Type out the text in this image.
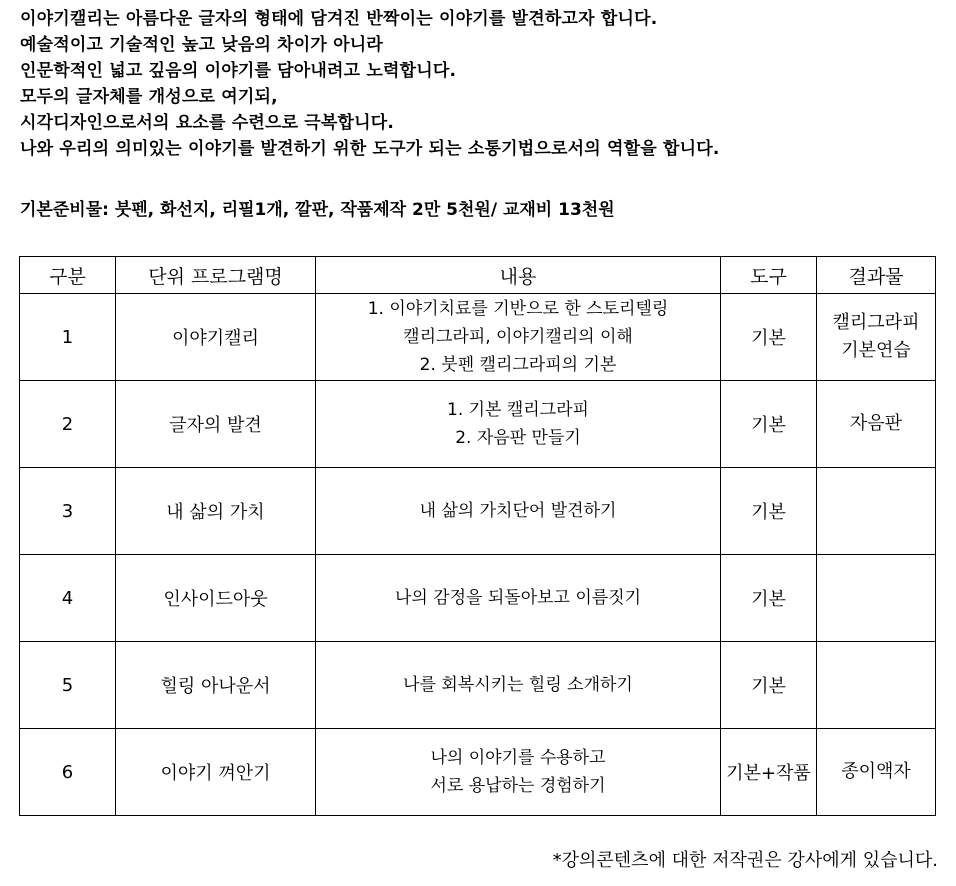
이야기캘리는 아름다운 글자의 형태에 담겨진 반짝이는 이야기를 발견하고자 합니다.
예술적이고 기술적인 높고 낮음의 차이가 아니라
인문학적인 넓고 깊음의 이야기를 담아내려고 노력합니다.
모두의 글자체를 개성으로 여기되,
시각디자인으로서의 요소를 수련으로 극복합니다.
나와 우리의 의미있는 이야기를 발견하기 위한 도구가 되는 소통기법으로서의 역할을 합니다.
기본준비물: 붓펜, 화선지, 리필1개, 깔판, 작품제작 2만 5천원/ 교재비 13천원
구분	단위 프로그램명	내용	도구	결과물
1	이야기캘리	1. 이야기치료를 기반으로 한 스토리텔링
캘리그라피, 이야기캘리의 이해
2. 붓펜 캘리그라피의 기본	기본	캘리그라피
기본연습

2	글자의 발견	1. 기본 캘리그라피
2. 자음판 만들기	기본	자음판

3	내 삶의 가치	내 삶의 가치단어 발견하기	기본	
4	인사이드아웃	나의 감정을 되돌아보고 이름짓기	기본	
5	힐링 아나운서	나를 회복시키는 힐링 소개하기	기본	
6	이야기 껴안기	나의 이야기를 수용하고
서로 용납하는 경험하기	기본+작품	종이액자
*강의콘텐츠에 대한 저작권은 강사에게 있습니다.
